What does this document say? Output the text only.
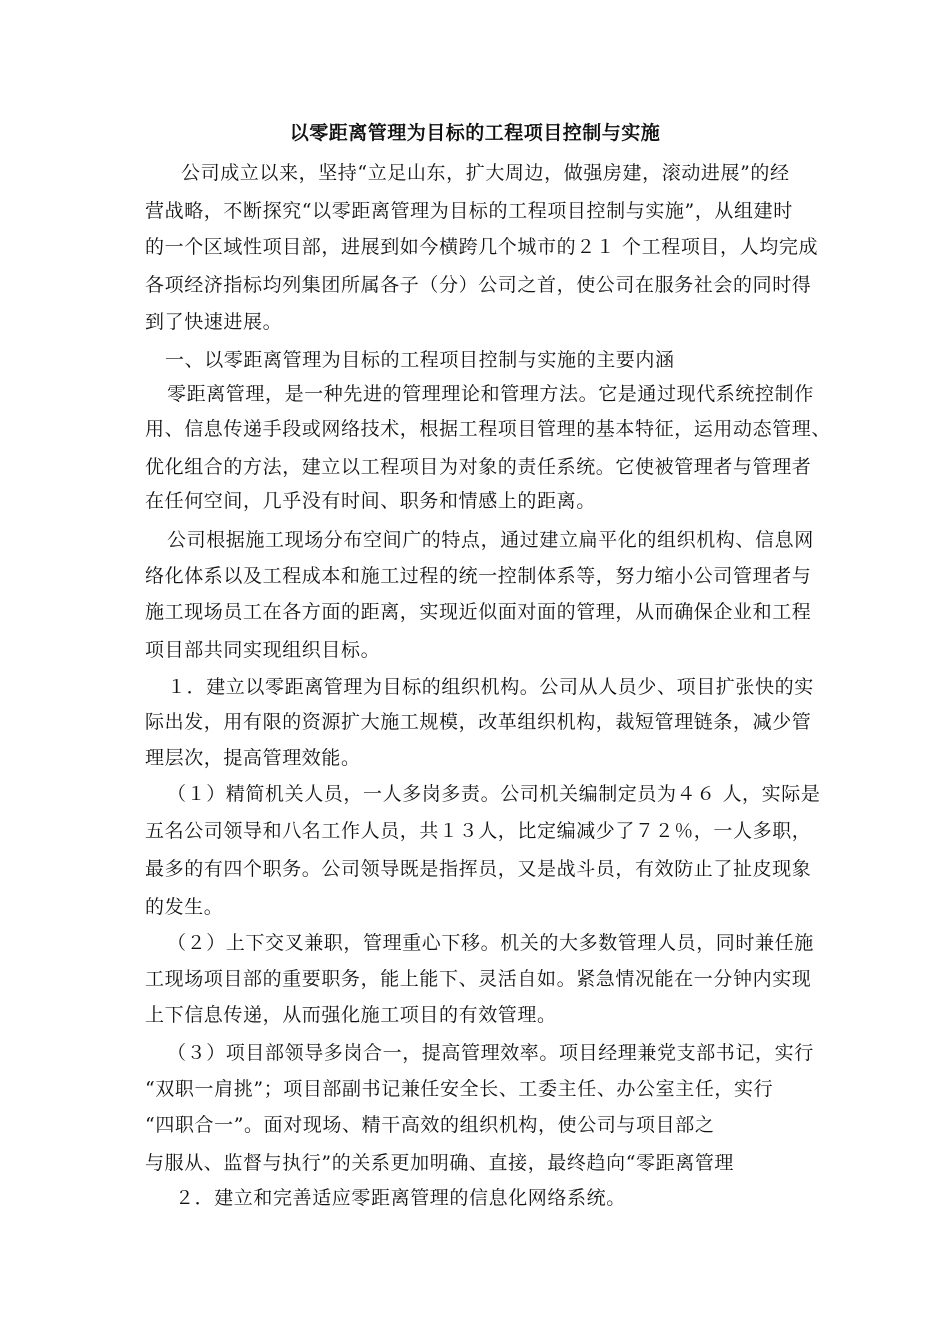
以零距离管理为目标的工程项目控制与实施
公司成立以来，坚持“立足山东，扩大周边，做强房建，滚动进展”的经
营战略，不断探究“以零距离管理为目标的工程项目控制与实施”，从组建时
的一个区域性项目部，进展到如今横跨几个城市的２１ 个工程项目，人均完成
各项经济指标均列集团所属各子（分）公司之首，使公司在服务社会的同时得
到了快速进展。
一、以零距离管理为目标的工程项目控制与实施的主要内涵
零距离管理，是一种先进的管理理论和管理方法。它是通过现代系统控制作
用、信息传递手段或网络技术，根据工程项目管理的基本特征，运用动态管理、
优化组合的方法，建立以工程项目为对象的责任系统。它使被管理者与管理者
在任何空间，几乎没有时间、职务和情感上的距离。
公司根据施工现场分布空间广的特点，通过建立扁平化的组织机构、信息网
络化体系以及工程成本和施工过程的统一控制体系等，努力缩小公司管理者与
施工现场员工在各方面的距离，实现近似面对面的管理，从而确保企业和工程
项目部共同实现组织目标。
１．建立以零距离管理为目标的组织机构。公司从人员少、项目扩张快的实
际出发，用有限的资源扩大施工规模，改革组织机构，裁短管理链条，减少管
理层次，提高管理效能。
（１）精简机关人员，一人多岗多责。公司机关编制定员为４６ 人，实际是
五名公司领导和八名工作人员，共１３人，比定编减少了７２％，一人多职，
最多的有四个职务。公司领导既是指挥员，又是战斗员，有效防止了扯皮现象
的发生。
（２）上下交叉兼职，管理重心下移。机关的大多数管理人员，同时兼任施
工现场项目部的重要职务，能上能下、灵活自如。紧急情况能在一分钟内实现
上下信息传递，从而强化施工项目的有效管理。
（３）项目部领导多岗合一，提高管理效率。项目经理兼党支部书记，实行
“双职一肩挑”；项目部副书记兼任安全长、工委主任、办公室主任，实行
“四职合一”。面对现场、精干高效的组织机构，使公司与项目部之
与服从、监督与执行”的关系更加明确、直接，最终趋向“零距离管理
２．建立和完善适应零距离管理的信息化网络系统。
